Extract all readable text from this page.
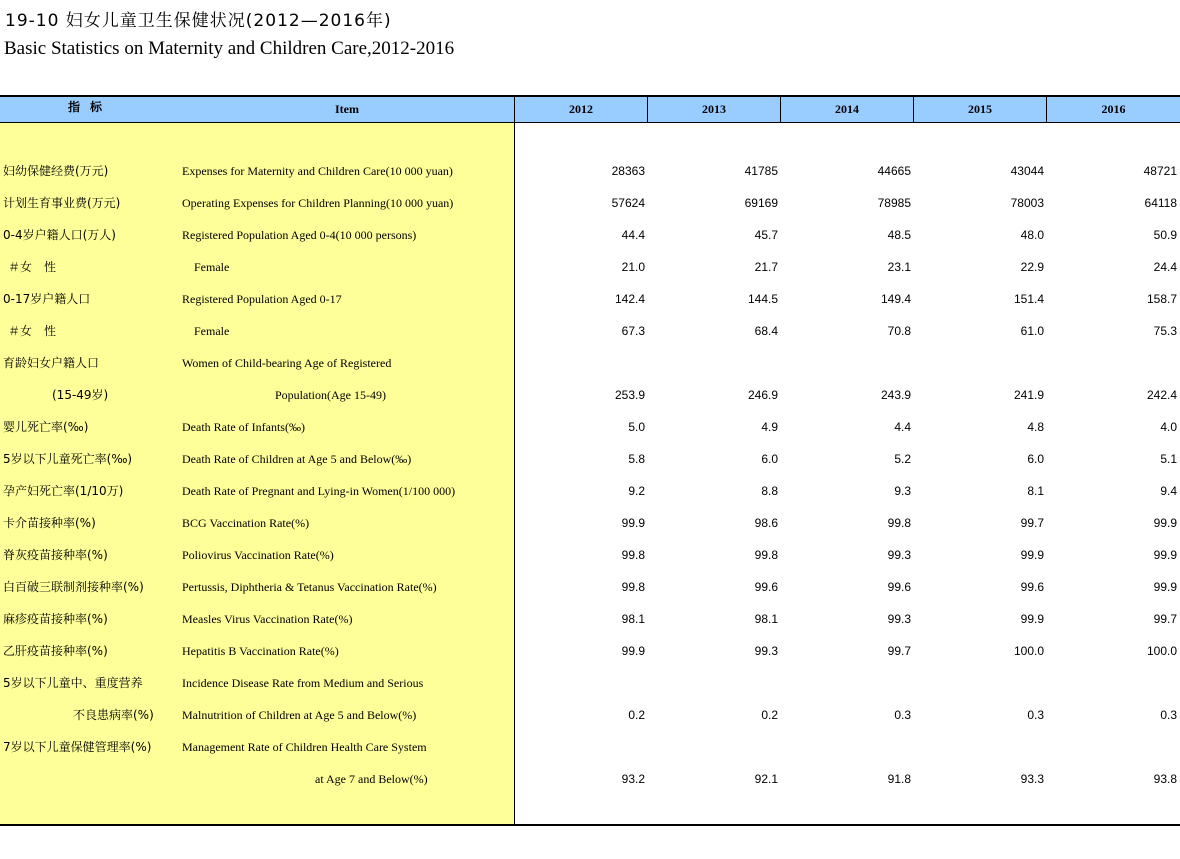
19-10 妇女儿童卫生保健状况(2012—2016年)
Basic Statistics on Maternity and Children Care,2012-2016
指标	Item	2012	2013	2014	2015	2016
妇幼保健经费(万元)	Expenses for Maternity and Children Care(10 000 yuan)	28363	41785	44665	43044	48721
计划生育事业费(万元)	Operating Expenses for Children Planning(10 000 yuan)	57624	69169	78985	78003	64118
0-4岁户籍人口(万人)	Registered Population Aged 0-4(10 000 persons)	44.4	45.7	48.5	48.0	50.9
＃女　性	Female	21.0	21.7	23.1	22.9	24.4
0-17岁户籍人口	Registered Population Aged 0-17	142.4	144.5	149.4	151.4	158.7
＃女　性	Female	67.3	68.4	70.8	61.0	75.3
育龄妇女户籍人口	Women of Child-bearing Age of Registered
(15-49岁)	Population(Age 15-49)	253.9	246.9	243.9	241.9	242.4
婴儿死亡率(‰)	Death Rate of Infants(‰)	5.0	4.9	4.4	4.8	4.0
5岁以下儿童死亡率(‰)	Death Rate of Children at Age 5 and Below(‰)	5.8	6.0	5.2	6.0	5.1
孕产妇死亡率(1/10万)	Death Rate of Pregnant and Lying-in Women(1/100 000)	9.2	8.8	9.3	8.1	9.4
卡介苗接种率(%)	BCG Vaccination Rate(%)	99.9	98.6	99.8	99.7	99.9
脊灰疫苗接种率(%)	Poliovirus Vaccination Rate(%)	99.8	99.8	99.3	99.9	99.9
白百破三联制剂接种率(%)	Pertussis, Diphtheria & Tetanus Vaccination Rate(%)	99.8	99.6	99.6	99.6	99.9
麻疹疫苗接种率(%)	Measles Virus Vaccination Rate(%)	98.1	98.1	99.3	99.9	99.7
乙肝疫苗接种率(%)	Hepatitis B Vaccination Rate(%)	99.9	99.3	99.7	100.0	100.0
5岁以下儿童中、重度营养	Incidence Disease Rate from Medium and Serious
不良患病率(%) Malnutrition of Children at Age 5 and Below(%)	0.2	0.2	0.3	0.3	0.3
7岁以下儿童保健管理率(%)	Management Rate of Children Health Care System
at Age 7 and Below(%)	93.2	92.1	91.8	93.3	93.8
